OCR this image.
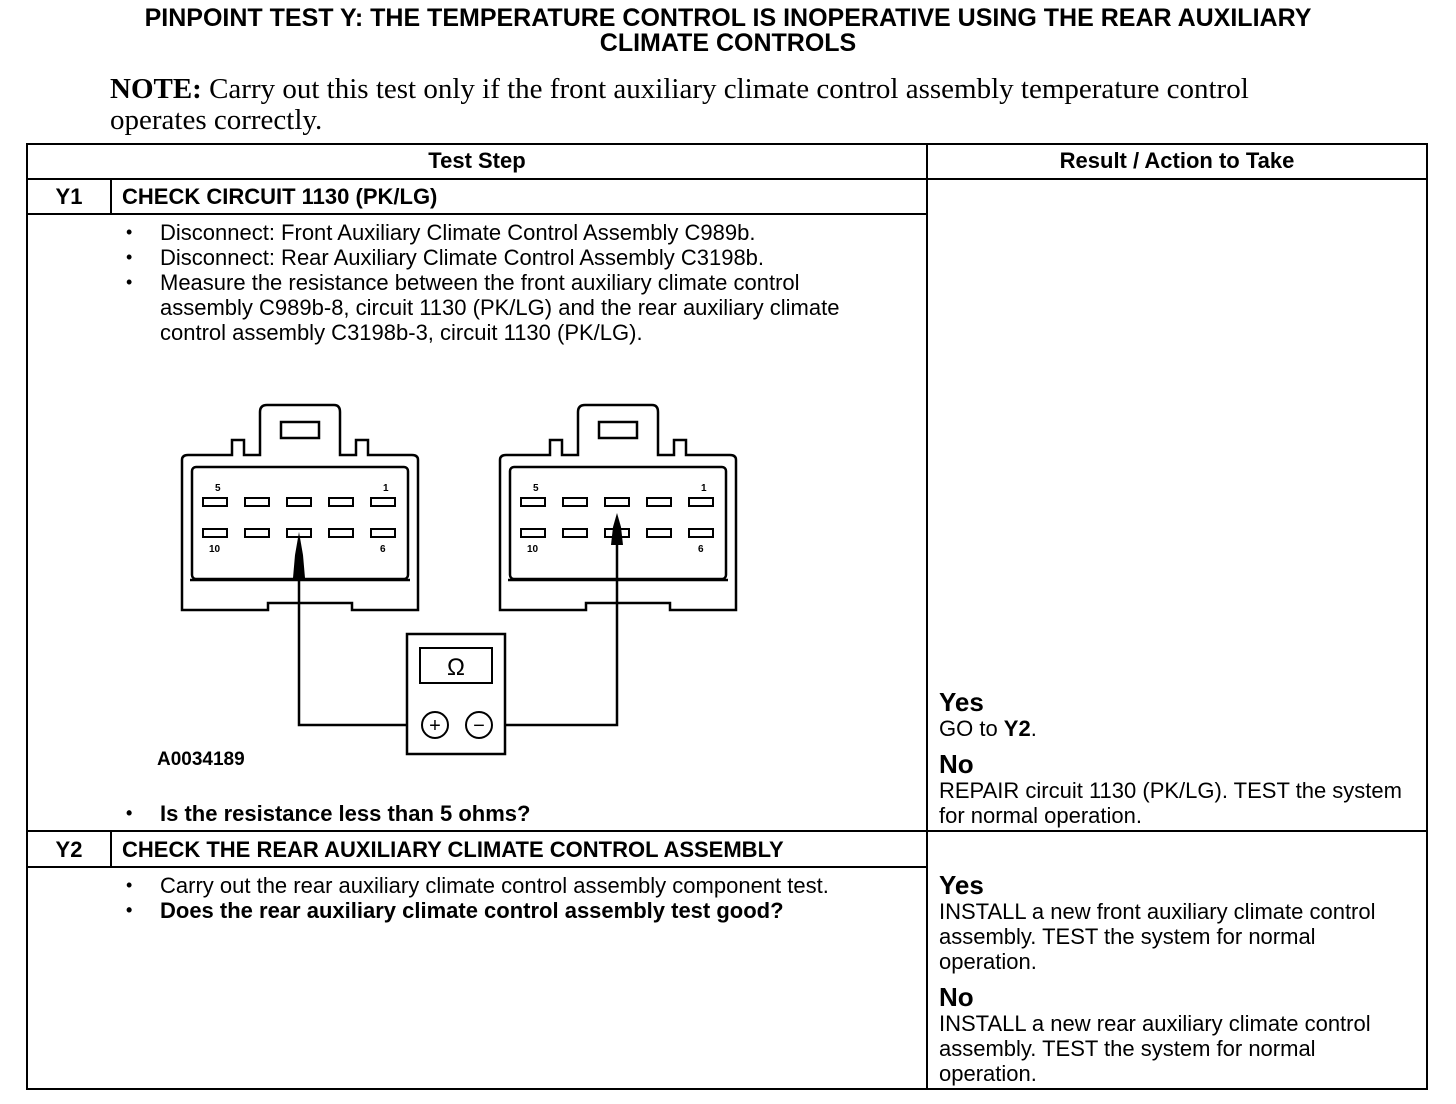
PINPOINT TEST Y: THE TEMPERATURE CONTROL IS INOPERATIVE USING THE REAR AUXILIARY
CLIMATE CONTROLS
NOTE: Carry out this test only if the front auxiliary climate control assembly temperature control operates correctly.
Test Step	Result / Action to Take
Y1	CHECK CIRCUIT 1130 (PK/LG)
• Disconnect: Front Auxiliary Climate Control Assembly C989b.
• Disconnect: Rear Auxiliary Climate Control Assembly C3198b.
• Measure the resistance between the front auxiliary climate control assembly C989b-8, circuit 1130 (PK/LG) and the rear auxiliary climate control assembly C3198b-3, circuit 1130 (PK/LG).
5	1
10	6
5	1
10	6
Ω
+ −
A0034189
• Is the resistance less than 5 ohms?
Yes
GO to Y2.
No
REPAIR circuit 1130 (PK/LG). TEST the system for normal operation.
Y2	CHECK THE REAR AUXILIARY CLIMATE CONTROL ASSEMBLY
• Carry out the rear auxiliary climate control assembly component test.
• Does the rear auxiliary climate control assembly test good?
Yes
INSTALL a new front auxiliary climate control assembly. TEST the system for normal operation.
No
INSTALL a new rear auxiliary climate control assembly. TEST the system for normal operation.
